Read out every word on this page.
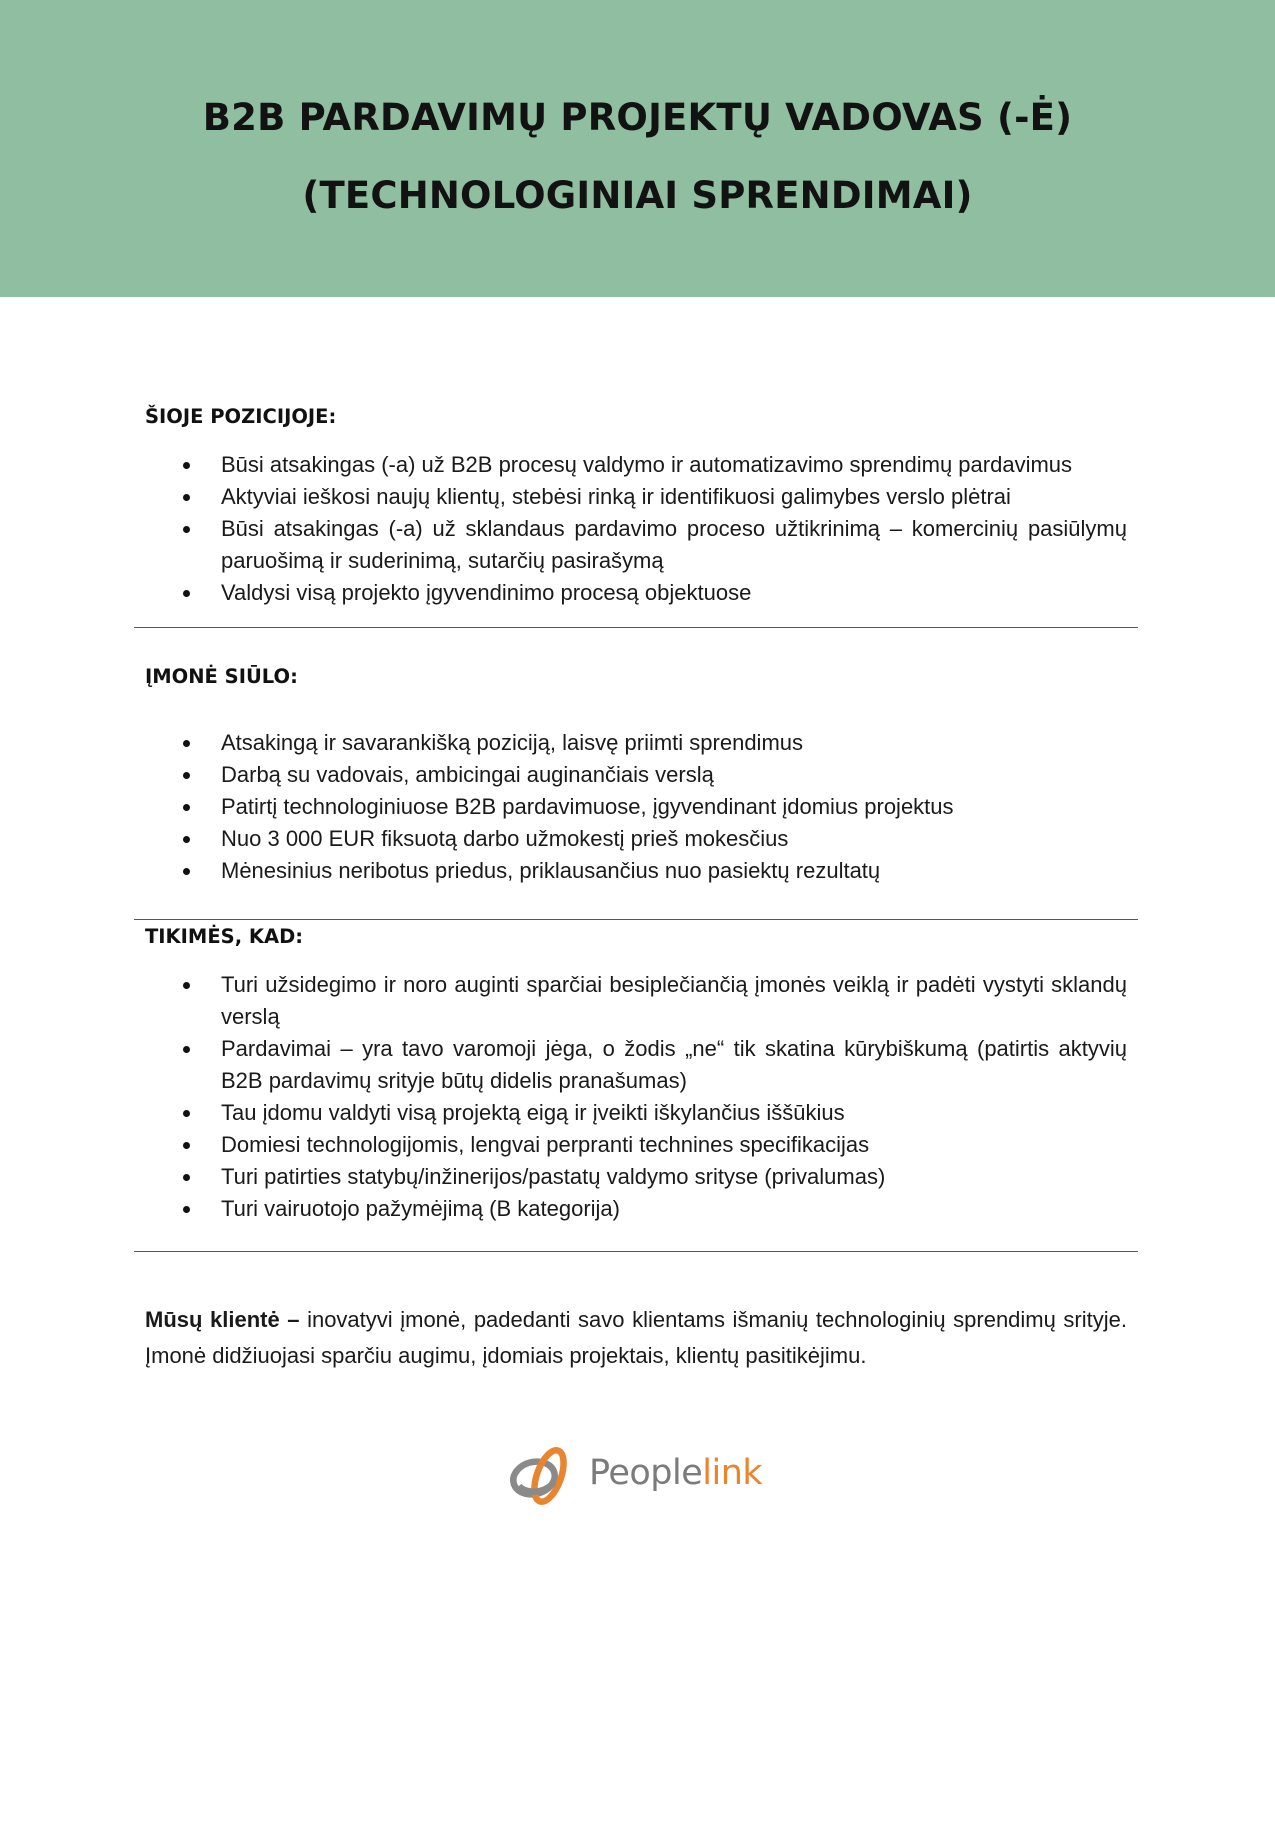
B2B PARDAVIMŲ PROJEKTŲ VADOVAS (-Ė)
(TECHNOLOGINIAI SPRENDIMAI)
ŠIOJE POZICIJOJE:
Būsi atsakingas (-a) už B2B procesų valdymo ir automatizavimo sprendimų pardavimus
Aktyviai ieškosi naujų klientų, stebėsi rinką ir identifikuosi galimybes verslo plėtrai
Būsi atsakingas (-a) už sklandaus pardavimo proceso užtikrinimą – komercinių pasiūlymų paruošimą ir suderinimą, sutarčių pasirašymą
Valdysi visą projekto įgyvendinimo procesą objektuose
ĮMONĖ SIŪLO:
Atsakingą ir savarankišką poziciją, laisvę priimti sprendimus
Darbą su vadovais, ambicingai auginančiais verslą
Patirtį technologiniuose B2B pardavimuose, įgyvendinant įdomius projektus
Nuo 3 000 EUR fiksuotą darbo užmokestį prieš mokesčius
Mėnesinius neribotus priedus, priklausančius nuo pasiektų rezultatų
TIKIMĖS, KAD:
Turi užsidegimo ir noro auginti sparčiai besiplečiančią įmonės veiklą ir padėti vystyti sklandų verslą
Pardavimai – yra tavo varomoji jėga, o žodis „ne“ tik skatina kūrybiškumą (patirtis aktyvių B2B pardavimų srityje būtų didelis pranašumas)
Tau įdomu valdyti visą projektą eigą ir įveikti iškylančius iššūkius
Domiesi technologijomis, lengvai perpranti technines specifikacijas
Turi patirties statybų/inžinerijos/pastatų valdymo srityse (privalumas)
Turi vairuotojo pažymėjimą (B kategorija)

Mūsų klientė – inovatyvi įmonė, padedanti savo klientams išmanių technologinių sprendimų srityje. Įmonė didžiuojasi sparčiu augimu, įdomiais projektais, klientų pasitikėjimu.

Peoplelink
